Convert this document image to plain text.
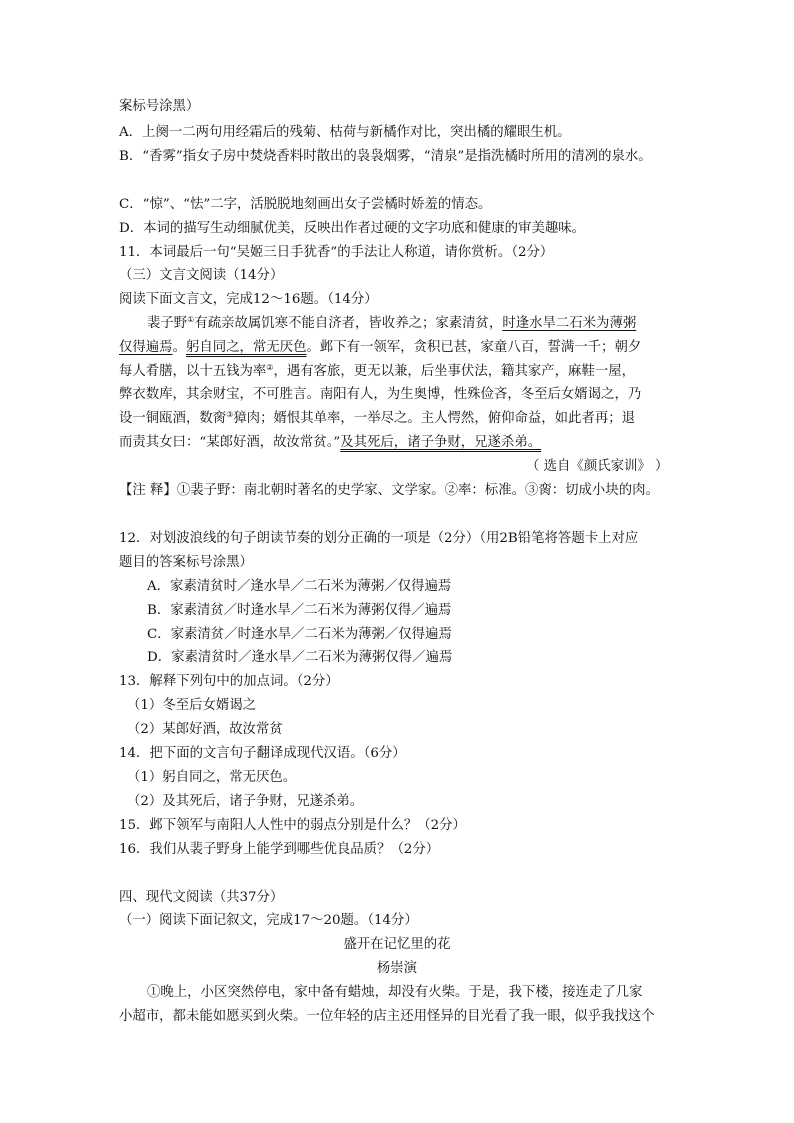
案标号涂黑）
A．上阕一二两句用经霜后的残菊、枯荷与新橘作对比，突出橘的耀眼生机。
B．“香雾”指女子房中焚烧香料时散出的袅袅烟雾，“清泉”是指洗橘时所用的清冽的泉水。
C．“惊”、“怯”二字，活脱脱地刻画出女子尝橘时娇羞的情态。
D．本词的描写生动细腻优美，反映出作者过硬的文字功底和健康的审美趣味。
11．本词最后一句“吴姬三日手犹香”的手法让人称道，请你赏析。（2分）
（三）文言文阅读（14分）
阅读下面文言文，完成12～16题。（14分）
裴子野①有疏亲故属饥寒不能自济者，皆收养之；家素清贫，时逢水旱二石米为薄粥
仅得遍焉。躬自同之，常无厌色。邺下有一领军，贪积已甚，家童八百，誓满一千；朝夕
每人肴膳，以十五钱为率②，遇有客旅，更无以兼，后坐事伏法，籍其家产，麻鞋一屋，
弊衣数库，其余财宝，不可胜言。南阳有人，为生奥博，性殊俭吝，冬至后女婿谒之，乃
设一铜瓯酒，数脔③獐肉；婿恨其单率，一举尽之。主人愕然，俯仰命益，如此者再；退
而责其女曰：“某郎好酒，故汝常贫。”及其死后，诸子争财，兄遂杀弟。
（ 选自《颜氏家训》 ）
【注 释】①裴子野：南北朝时著名的史学家、文学家。②率：标准。③脔：切成小块的肉。
12．对划波浪线的句子朗读节奏的划分正确的一项是（2分）（用2B铅笔将答题卡上对应
题目的答案标号涂黑）
A．家素清贫时／逢水旱／二石米为薄粥／仅得遍焉
B．家素清贫／时逢水旱／二石米为薄粥仅得／遍焉
C．家素清贫／时逢水旱／二石米为薄粥／仅得遍焉
D．家素清贫时／逢水旱／二石米为薄粥仅得／遍焉
13．解释下列句中的加点词。（2分）
（1）冬至后女婿谒之
（2）某郎好酒，故汝常贫
14．把下面的文言句子翻译成现代汉语。（6分）
（1）躬自同之，常无厌色。
（2）及其死后，诸子争财，兄遂杀弟。
15．邺下领军与南阳人人性中的弱点分别是什么？（2分）
16．我们从裴子野身上能学到哪些优良品质？（2分）
四、现代文阅读（共37分）
（一）阅读下面记叙文，完成17～20题。（14分）
盛开在记忆里的花
杨崇演
①晚上，小区突然停电，家中备有蜡烛，却没有火柴。于是，我下楼，接连走了几家
小超市，都未能如愿买到火柴。一位年轻的店主还用怪异的目光看了我一眼，似乎我找这个
